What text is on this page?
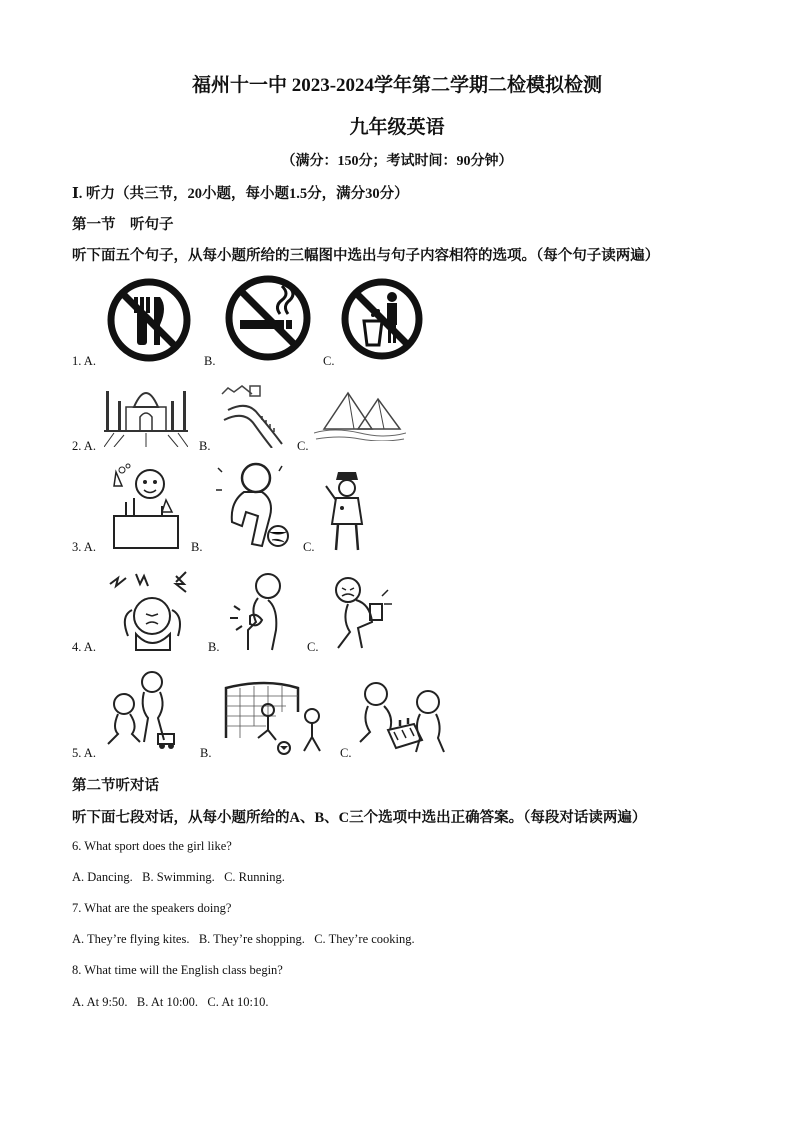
福州十一中 2023-2024学年第二学期二检模拟检测
九年级英语
（满分：150分；考试时间：90分钟）
Ⅰ. 听力（共三节，20小题，每小题1.5分，满分30分）
第一节　听句子
听下面五个句子，从每小题所给的三幅图中选出与句子内容相符的选项。（每个句子读两遍）
1. A.	B.	C.
2. A.	B.	C.
3. A.	B.	C.
4. A.	B.	C.
5. A.	B.	C.
第二节听对话
听下面七段对话，从每小题所给的A、B、C三个选项中选出正确答案。（每段对话读两遍）
6. What sport does the girl like?
A. Dancing.   B. Swimming.   C. Running.
7. What are the speakers doing?
A. They’re flying kites.   B. They’re shopping.   C. They’re cooking.
8. What time will the English class begin?
A. At 9:50.   B. At 10:00.   C. At 10:10.
